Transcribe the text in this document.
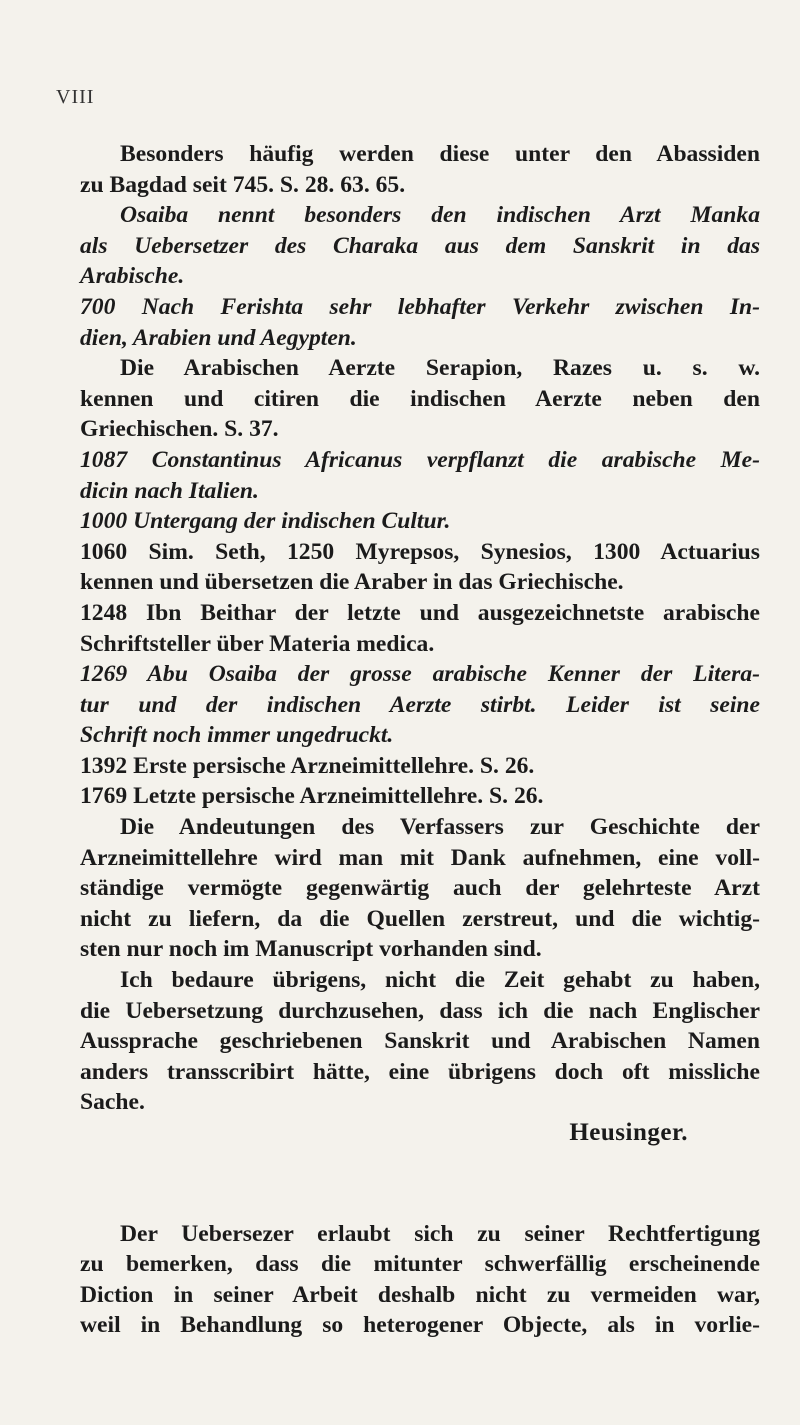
VIII
Besonders häufig werden diese unter den Abassiden
zu Bagdad seit 745. S. 28. 63. 65.
Osaiba nennt besonders den indischen Arzt Manka
als Uebersetzer des Charaka aus dem Sanskrit in das
Arabische.
700 Nach Ferishta sehr lebhafter Verkehr zwischen In-
dien, Arabien und Aegypten.
Die Arabischen Aerzte Serapion, Razes u. s. w.
kennen und citiren die indischen Aerzte neben den
Griechischen. S. 37.
1087 Constantinus Africanus verpflanzt die arabische Me-
dicin nach Italien.
1000 Untergang der indischen Cultur.
1060 Sim. Seth, 1250 Myrepsos, Synesios, 1300 Actuarius
kennen und übersetzen die Araber in das Griechische.
1248 Ibn Beithar der letzte und ausgezeichnetste arabische
Schriftsteller über Materia medica.
1269 Abu Osaiba der grosse arabische Kenner der Litera-
tur und der indischen Aerzte stirbt. Leider ist seine
Schrift noch immer ungedruckt.
1392 Erste persische Arzneimittellehre. S. 26.
1769 Letzte persische Arzneimittellehre. S. 26.
Die Andeutungen des Verfassers zur Geschichte der
Arzneimittellehre wird man mit Dank aufnehmen, eine voll-
ständige vermögte gegenwärtig auch der gelehrteste Arzt
nicht zu liefern, da die Quellen zerstreut, und die wichtig-
sten nur noch im Manuscript vorhanden sind.
Ich bedaure übrigens, nicht die Zeit gehabt zu haben,
die Uebersetzung durchzusehen, dass ich die nach Englischer
Aussprache geschriebenen Sanskrit und Arabischen Namen
anders transscribirt hätte, eine übrigens doch oft missliche
Sache.
Heusinger.
Der Uebersezer erlaubt sich zu seiner Rechtfertigung
zu bemerken, dass die mitunter schwerfällig erscheinende
Diction in seiner Arbeit deshalb nicht zu vermeiden war,
weil in Behandlung so heterogener Objecte, als in vorlie-
